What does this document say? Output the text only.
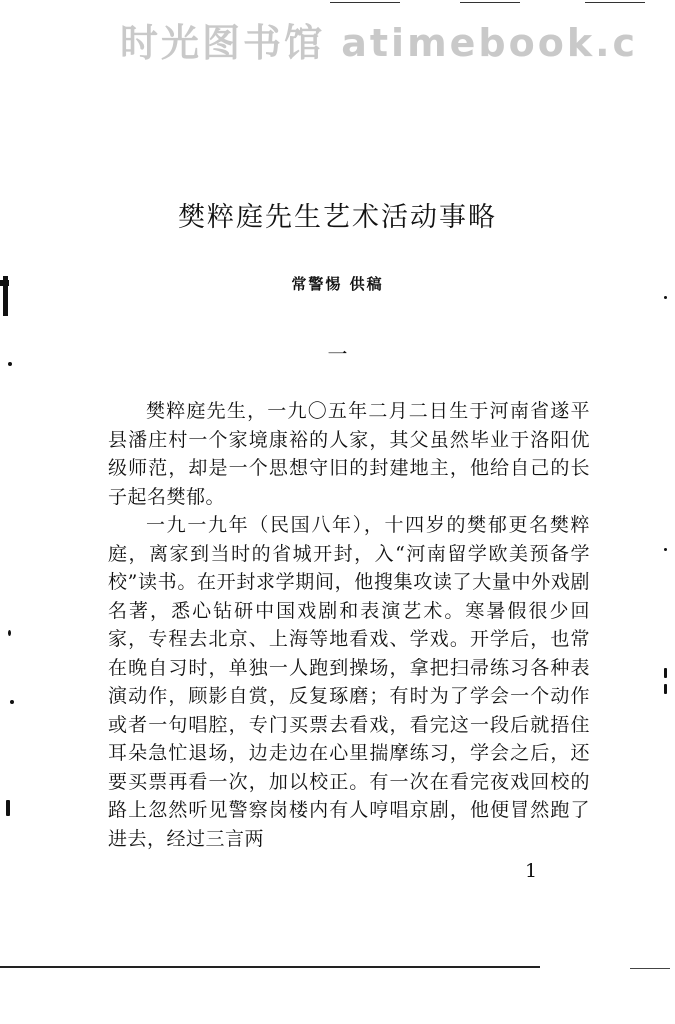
时光图书馆 atimebook.c
樊粹庭先生艺术活动事略
常警惕 供稿
一

樊粹庭先生，一九〇五年二月二日生于河南省遂平县潘庄村一个家境康裕的人家，其父虽然毕业于洛阳优级师范，却是一个思想守旧的封建地主，他给自己的长子起名樊郁。

一九一九年（民国八年），十四岁的樊郁更名樊粹庭，离家到当时的省城开封，入“河南留学欧美预备学校”读书。在开封求学期间，他搜集攻读了大量中外戏剧名著，悉心钻研中国戏剧和表演艺术。寒暑假很少回家，专程去北京、上海等地看戏、学戏。开学后，也常在晚自习时，单独一人跑到操场，拿把扫帚练习各种表演动作，顾影自赏，反复琢磨；有时为了学会一个动作或者一句唱腔，专门买票去看戏，看完这一段后就捂住耳朵急忙退场，边走边在心里揣摩练习，学会之后，还要买票再看一次，加以校正。有一次在看完夜戏回校的路上忽然听见警察岗楼内有人哼唱京剧，他便冒然跑了进去，经过三言两

1
